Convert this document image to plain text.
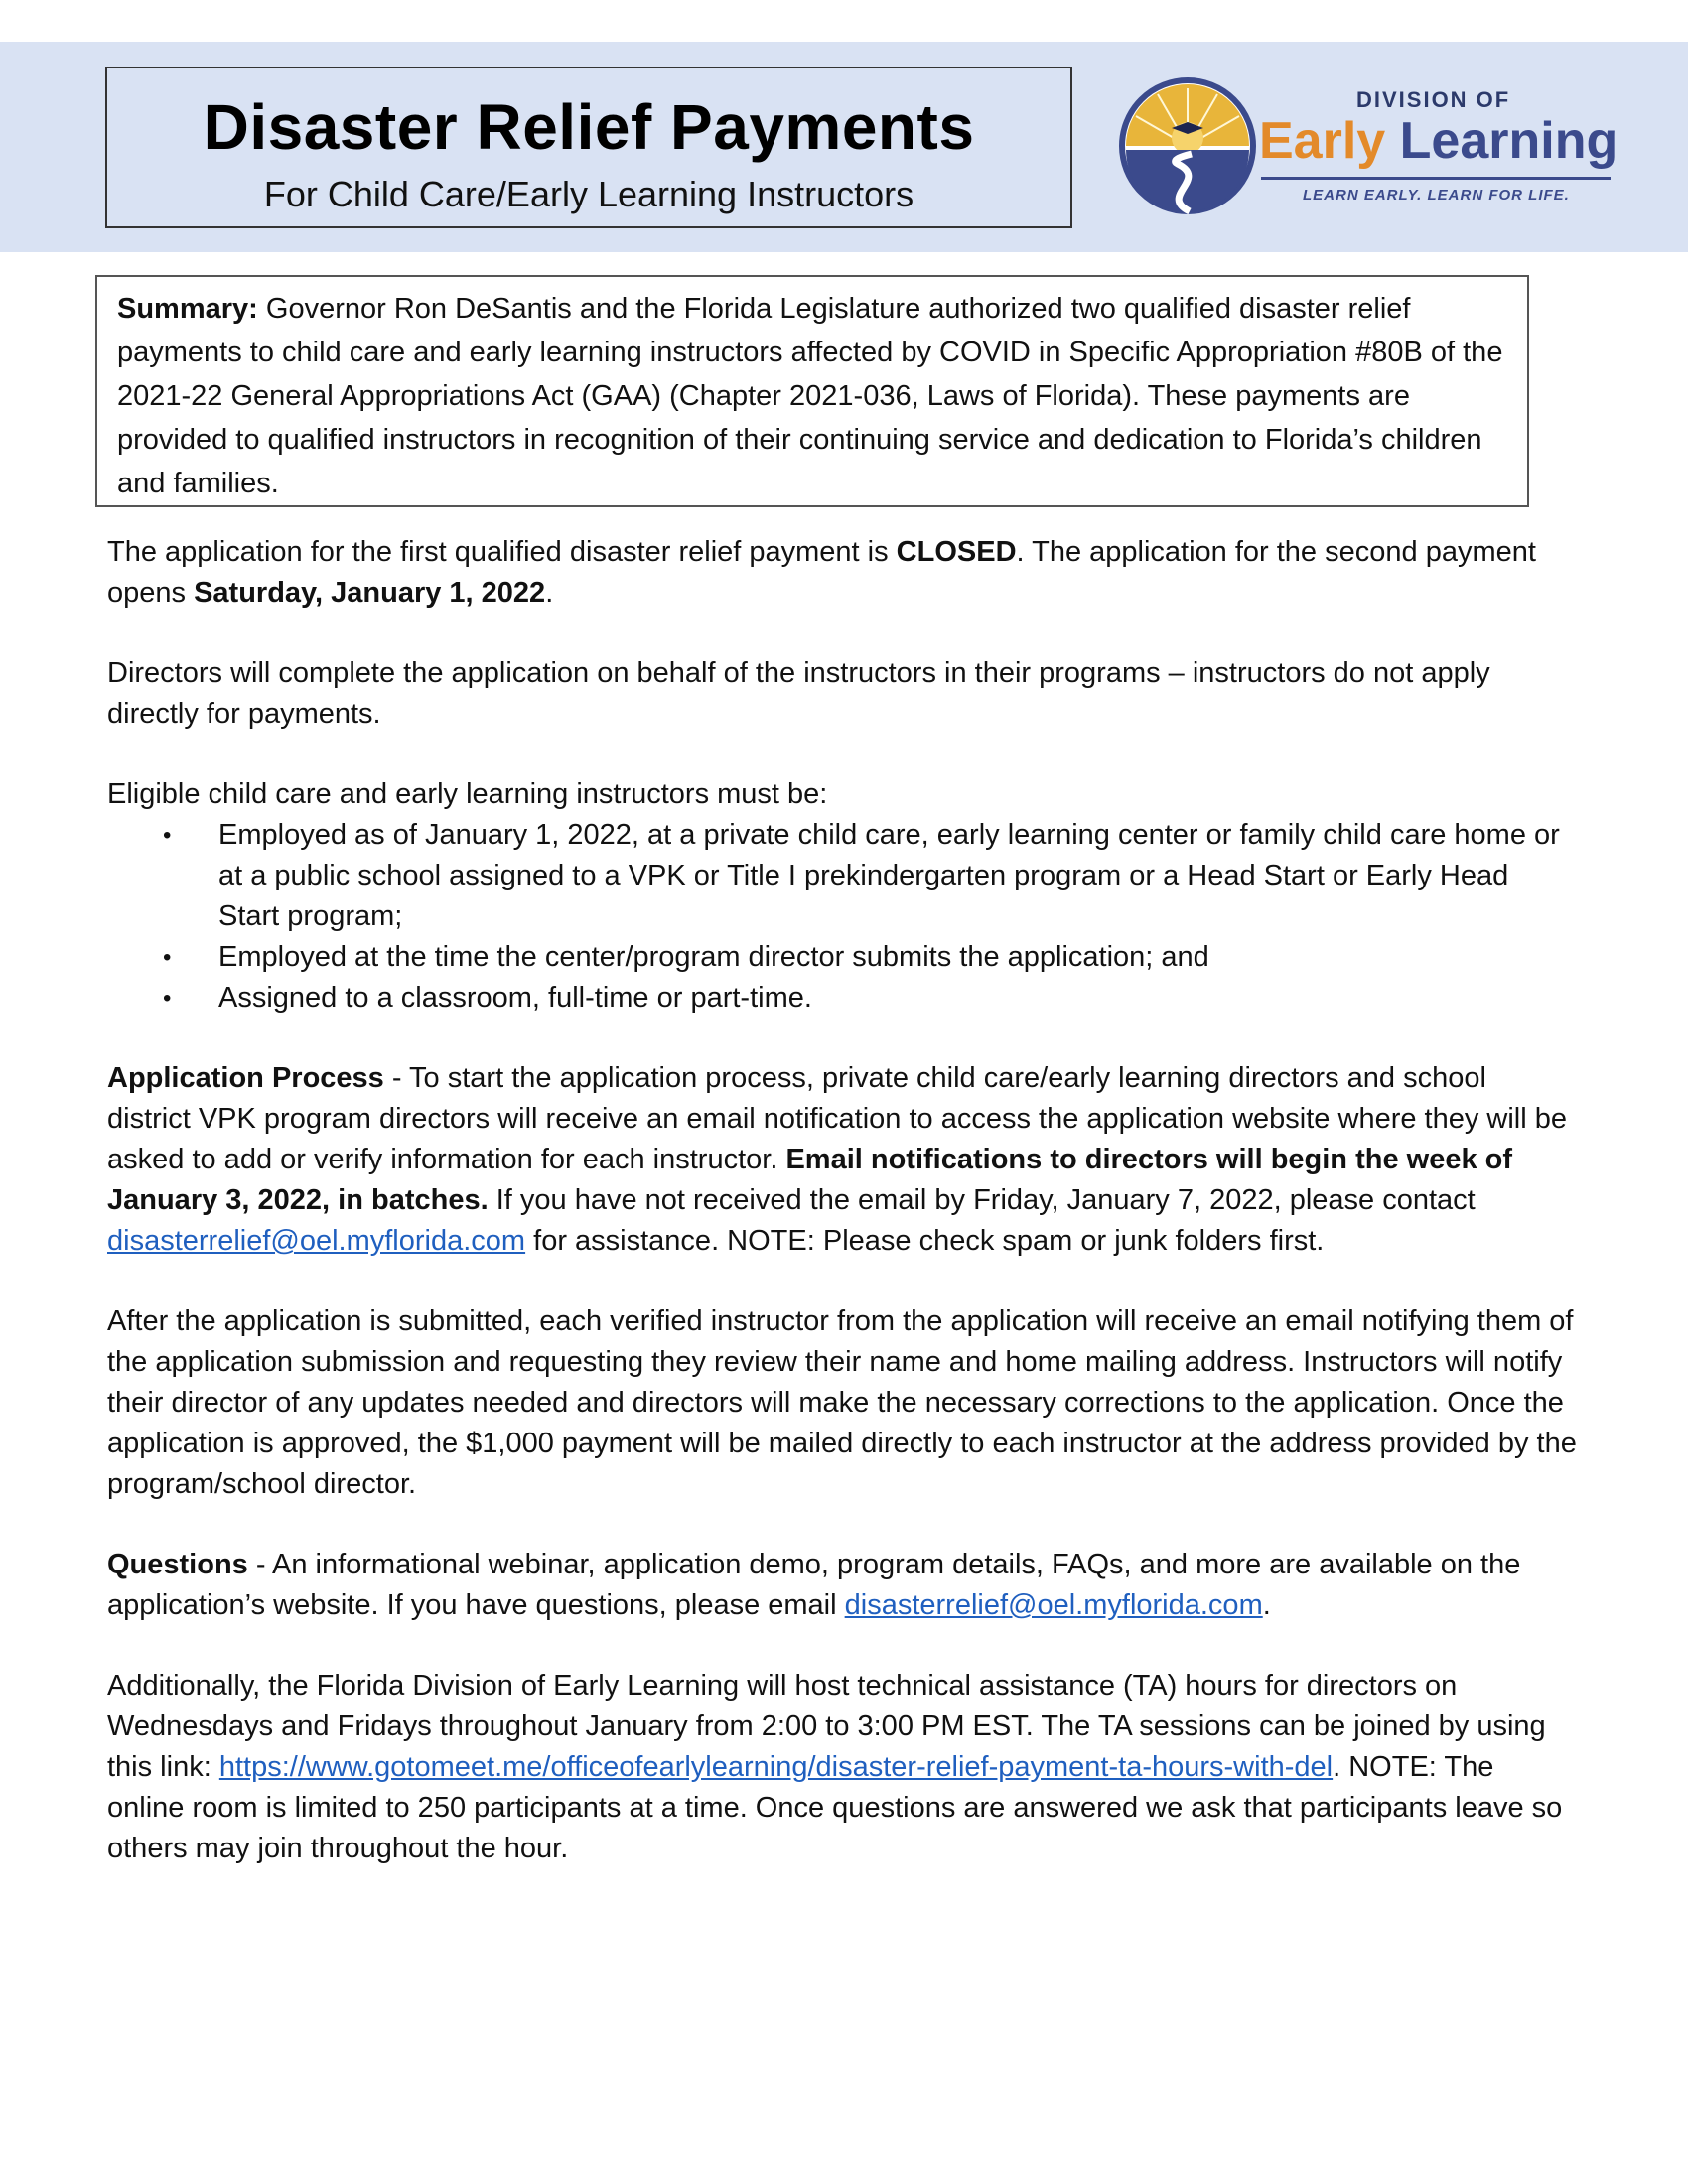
Disaster Relief Payments
For Child Care/Early Learning Instructors
DIVISION OF
Early Learning
LEARN EARLY. LEARN FOR LIFE.
Summary: Governor Ron DeSantis and the Florida Legislature authorized two qualified disaster relief payments to child care and early learning instructors affected by COVID in Specific Appropriation #80B of the 2021-22 General Appropriations Act (GAA) (Chapter 2021-036, Laws of Florida). These payments are provided to qualified instructors in recognition of their continuing service and dedication to Florida’s children and families.

The application for the first qualified disaster relief payment is CLOSED. The application for the second payment opens Saturday, January 1, 2022.

Directors will complete the application on behalf of the instructors in their programs – instructors do not apply directly for payments.

Eligible child care and early learning instructors must be:
• Employed as of January 1, 2022, at a private child care, early learning center or family child care home or at a public school assigned to a VPK or Title I prekindergarten program or a Head Start or Early Head Start program;
• Employed at the time the center/program director submits the application; and
• Assigned to a classroom, full-time or part-time.

Application Process - To start the application process, private child care/early learning directors and school district VPK program directors will receive an email notification to access the application website where they will be asked to add or verify information for each instructor. Email notifications to directors will begin the week of January 3, 2022, in batches. If you have not received the email by Friday, January 7, 2022, please contact disasterrelief@oel.myflorida.com for assistance. NOTE: Please check spam or junk folders first.

After the application is submitted, each verified instructor from the application will receive an email notifying them of the application submission and requesting they review their name and home mailing address. Instructors will notify their director of any updates needed and directors will make the necessary corrections to the application. Once the application is approved, the $1,000 payment will be mailed directly to each instructor at the address provided by the program/school director.

Questions - An informational webinar, application demo, program details, FAQs, and more are available on the application’s website. If you have questions, please email disasterrelief@oel.myflorida.com.

Additionally, the Florida Division of Early Learning will host technical assistance (TA) hours for directors on Wednesdays and Fridays throughout January from 2:00 to 3:00 PM EST. The TA sessions can be joined by using this link: https://www.gotomeet.me/officeofearlylearning/disaster-relief-payment-ta-hours-with-del. NOTE: The online room is limited to 250 participants at a time. Once questions are answered we ask that participants leave so others may join throughout the hour.
